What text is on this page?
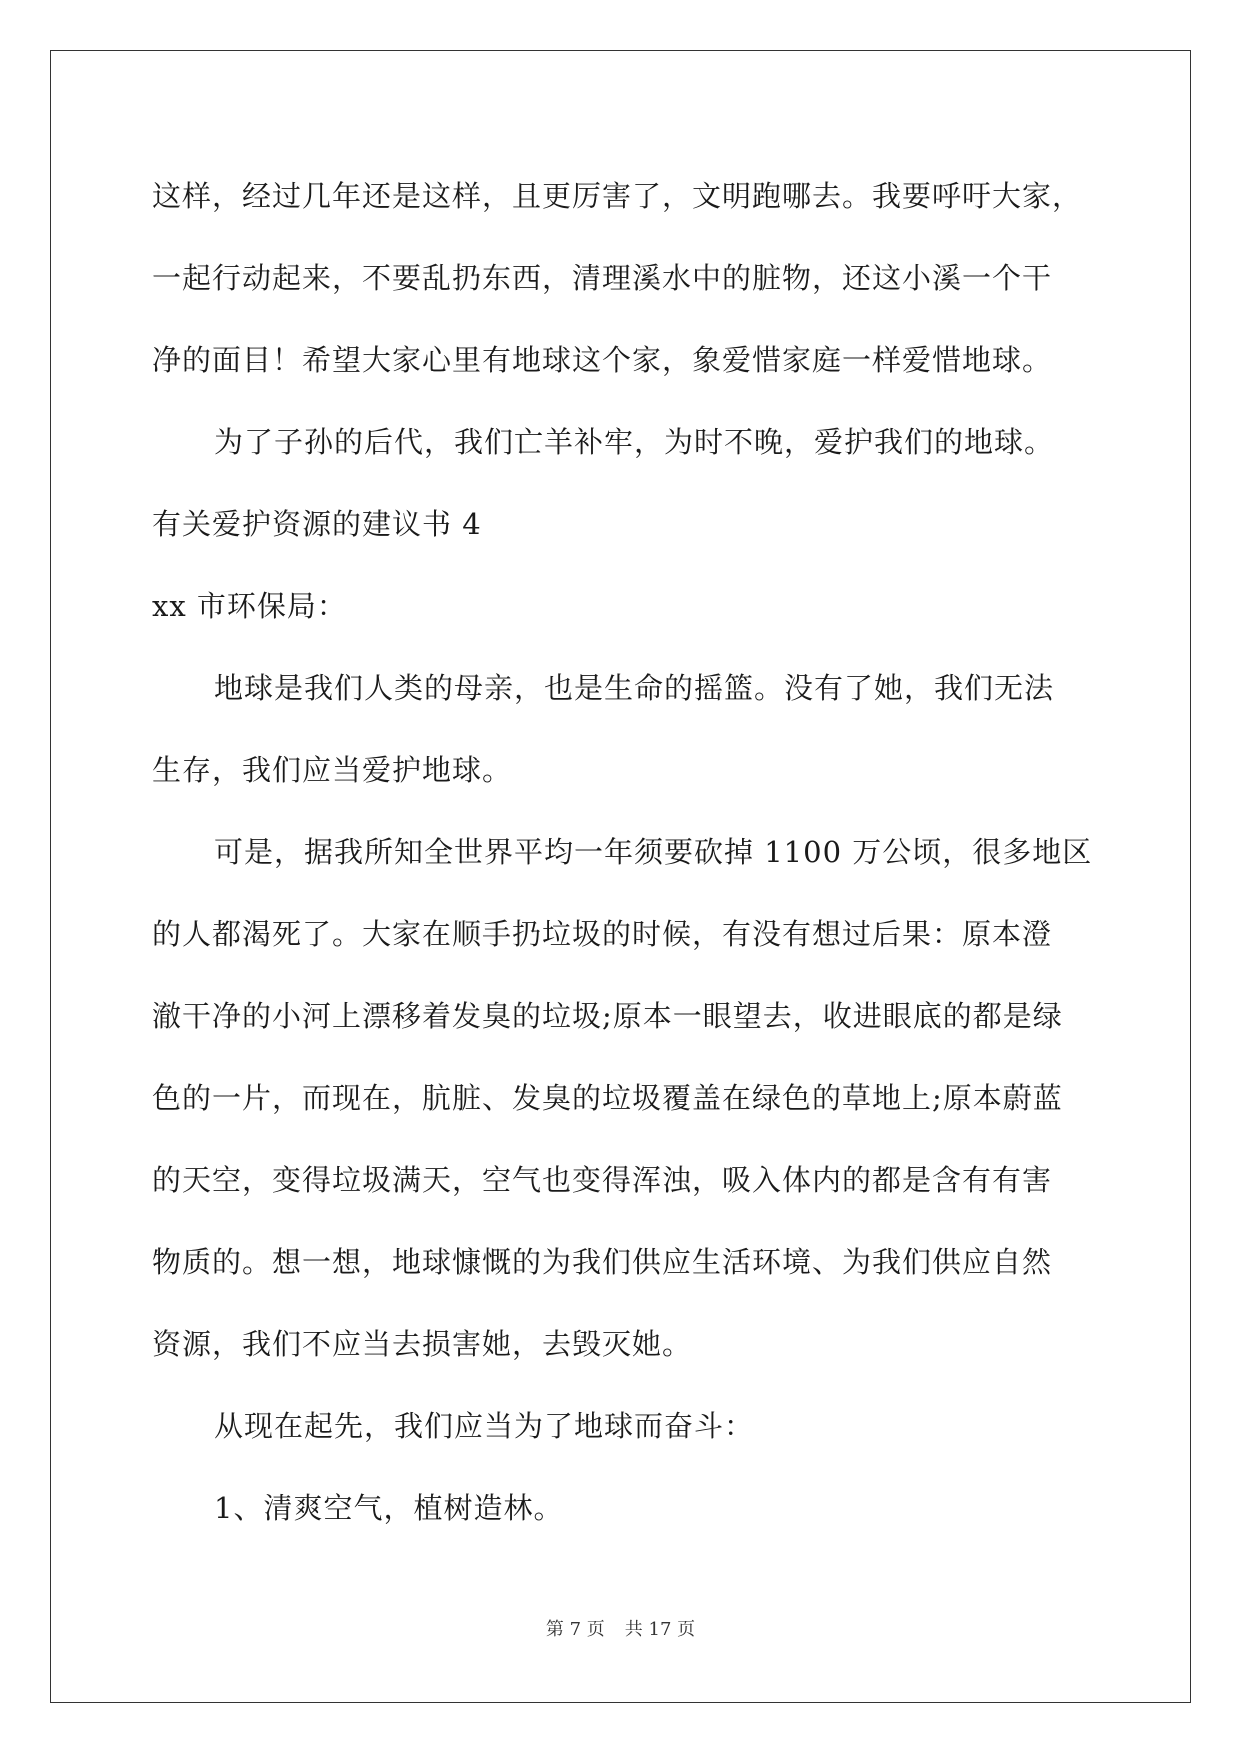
这样，经过几年还是这样，且更厉害了，文明跑哪去。我要呼吁大家，
一起行动起来，不要乱扔东西，清理溪水中的脏物，还这小溪一个干
净的面目！希望大家心里有地球这个家，象爱惜家庭一样爱惜地球。
为了子孙的后代，我们亡羊补牢，为时不晚，爱护我们的地球。
有关爱护资源的建议书 4
xx 市环保局：
地球是我们人类的母亲，也是生命的摇篮。没有了她，我们无法
生存，我们应当爱护地球。
可是，据我所知全世界平均一年须要砍掉 1100 万公顷，很多地区
的人都渴死了。大家在顺手扔垃圾的时候，有没有想过后果：原本澄
澈干净的小河上漂移着发臭的垃圾;原本一眼望去，收进眼底的都是绿
色的一片，而现在，肮脏、发臭的垃圾覆盖在绿色的草地上;原本蔚蓝
的天空，变得垃圾满天，空气也变得浑浊，吸入体内的都是含有有害
物质的。想一想，地球慷慨的为我们供应生活环境、为我们供应自然
资源，我们不应当去损害她，去毁灭她。
从现在起先，我们应当为了地球而奋斗：
1、清爽空气，植树造林。
第 7 页 共 17 页
